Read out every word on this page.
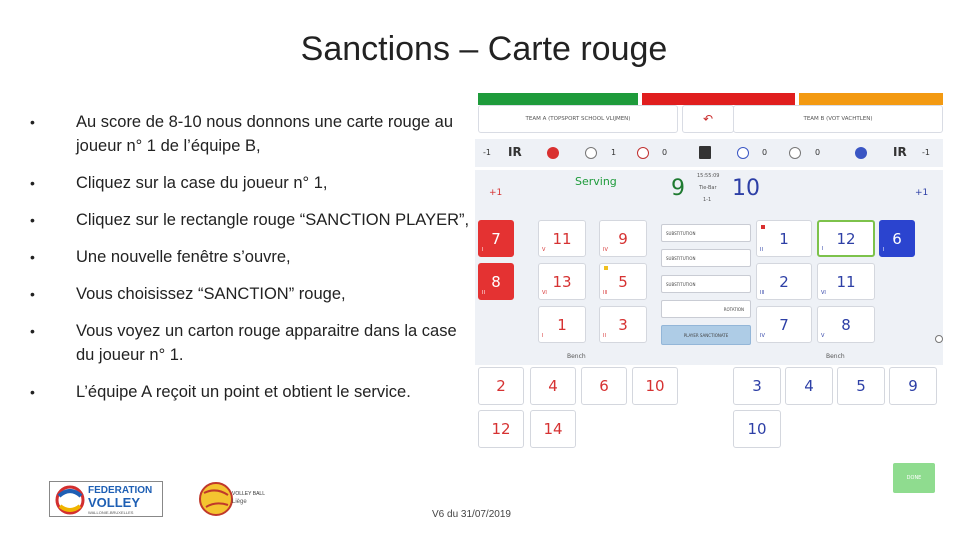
Sanctions – Carte rouge
•	Au score de 8-10 nous donnons une carte rouge au joueur n° 1 de l’équipe B,
•	Cliquez sur la case du joueur n° 1,
•	Cliquez sur le rectangle rouge “SANCTION PLAYER”,
•	Une nouvelle fenêtre s’ouvre,
•	Vous choisissez “SANCTION” rouge,
•	Vous voyez un carton rouge apparaitre dans la case du joueur n° 1.
•	L’équipe A reçoit un point et obtient le service.
TEAM A (TOPSPORT SCHOOL VLIJMEN)	↶	TEAM B (VOT VACHTLEN)
-1 IR	1	0	0	0	IR -1
+1
Serving 9 15:55:09
Tie-Bar
1-1 10	+1
7
I
11
V
9
IV
8
II
13
VI
5
III
1
I
3
II
SUBSTITUTION
SUBSTITUTION
SUBSTITUTION
ROTATION
PLAYER SANCTIONATE
1
II
12
I
6
I
2
III
11
VI
7
IV
8
V
Bench	Bench
2	4	6 10
12 14
3	4	5	9
10
DONE
FEDERATION
VOLLEY
WALLONIE-BRUXELLES
VOLLEY BALL
Liège
V6 du 31/07/2019
